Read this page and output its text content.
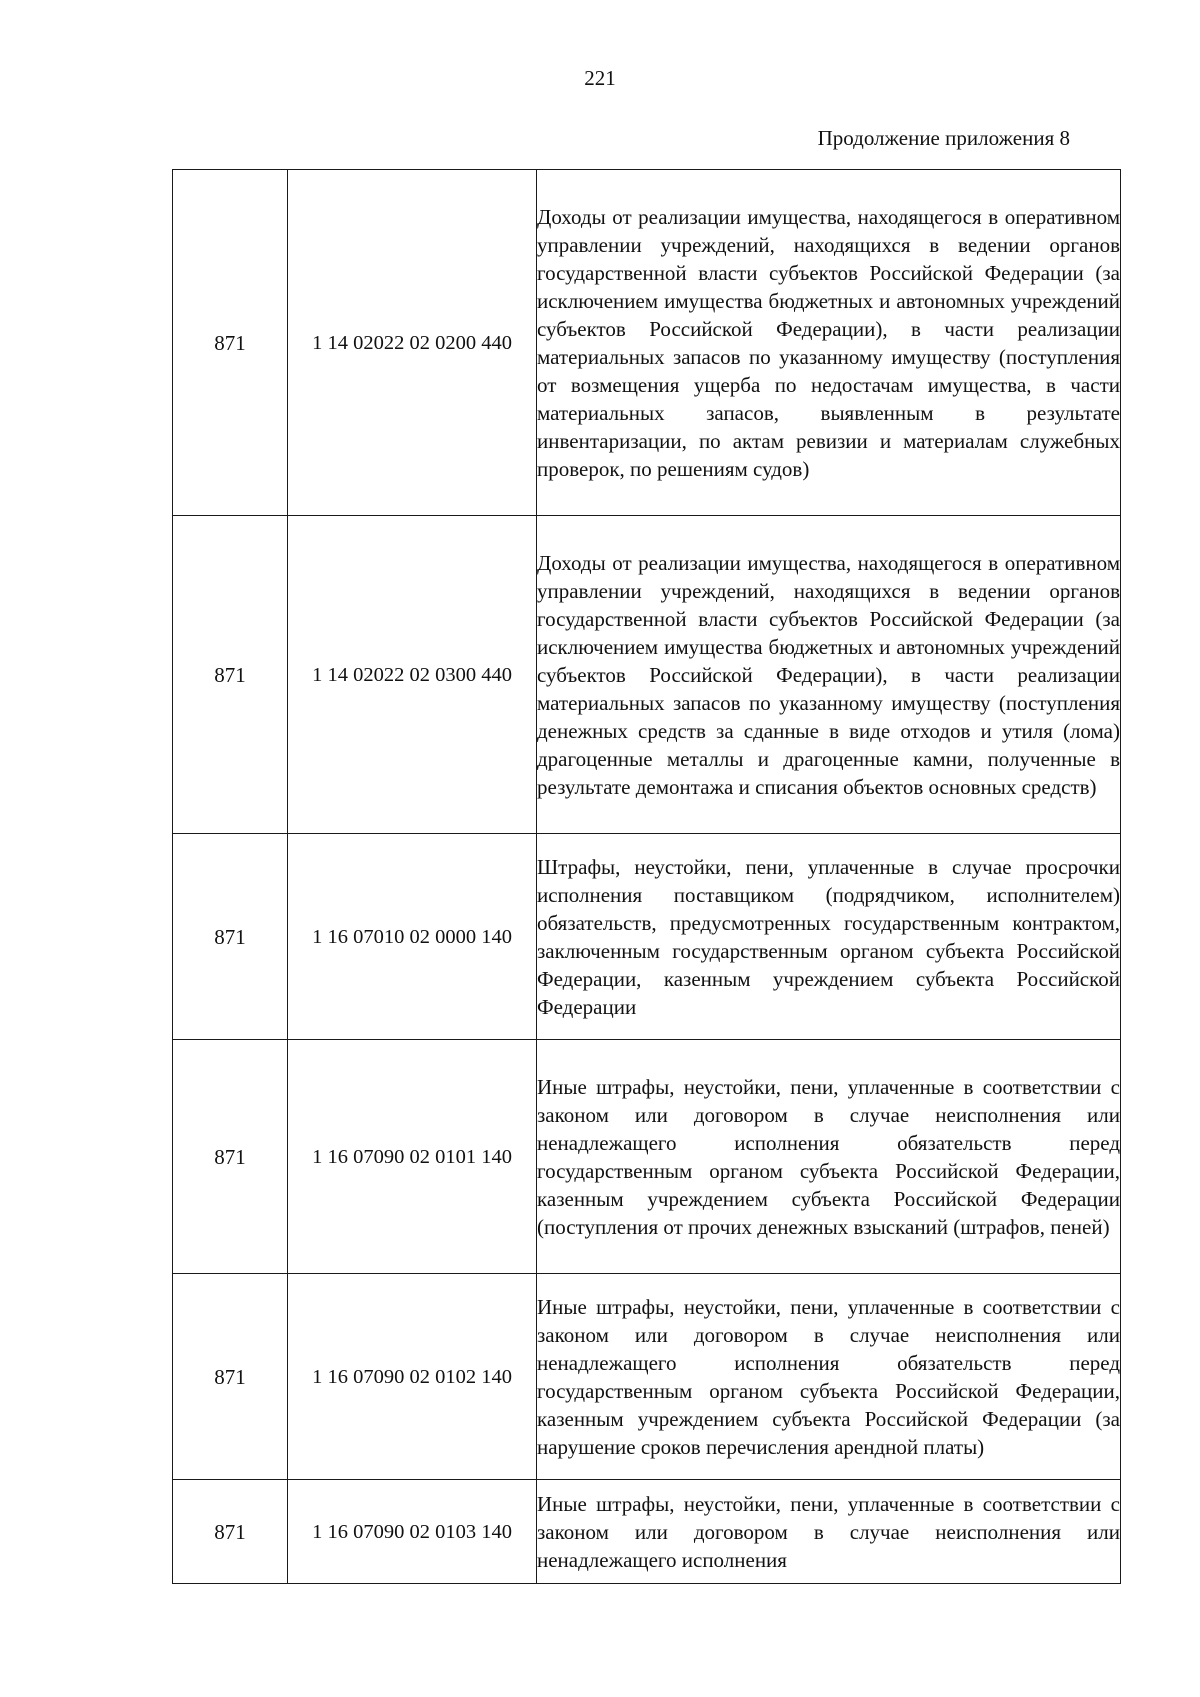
221
Продолжение приложения 8
871	1 14 02022 02 0200 440	Доходы от реализации имущества, находящегося в оперативном управлении учреждений, находящихся в ведении органов государственной власти субъектов Российской Федерации (за исключением имущества бюджетных и автономных учреждений субъектов Российской Федерации), в части реализации материальных запасов по указанному имуществу (поступления от возмещения ущерба по недостачам имущества, в части материальных запасов, выявленным в результате инвентаризации, по актам ревизии и материалам служебных проверок, по решениям судов)
871	1 14 02022 02 0300 440	Доходы от реализации имущества, находящегося в оперативном управлении учреждений, находящихся в ведении органов государственной власти субъектов Российской Федерации (за исключением имущества бюджетных и автономных учреждений субъектов Российской Федерации), в части реализации материальных запасов по указанному имуществу (поступления денежных средств за сданные в виде отходов и утиля (лома) драгоценные металлы и драгоценные камни, полученные в результате демонтажа и списания объектов основных средств)
871	1 16 07010 02 0000 140	Штрафы, неустойки, пени, уплаченные в случае просрочки исполнения поставщиком (подрядчиком, исполнителем) обязательств, предусмотренных государственным контрактом, заключенным государственным органом субъекта Российской Федерации, казенным учреждением субъекта Российской Федерации
871	1 16 07090 02 0101 140	Иные штрафы, неустойки, пени, уплаченные в соответствии с законом или договором в случае неисполнения или ненадлежащего исполнения обязательств перед государственным органом субъекта Российской Федерации, казенным учреждением субъекта Российской Федерации (поступления от прочих денежных взысканий (штрафов, пеней)
871	1 16 07090 02 0102 140	Иные штрафы, неустойки, пени, уплаченные в соответствии с законом или договором в случае неисполнения или ненадлежащего исполнения обязательств перед государственным органом субъекта Российской Федерации, казенным учреждением субъекта Российской Федерации (за нарушение сроков перечисления арендной платы)
871	1 16 07090 02 0103 140	Иные штрафы, неустойки, пени, уплаченные в соответствии с законом или договором в случае неисполнения или ненадлежащего исполнения
